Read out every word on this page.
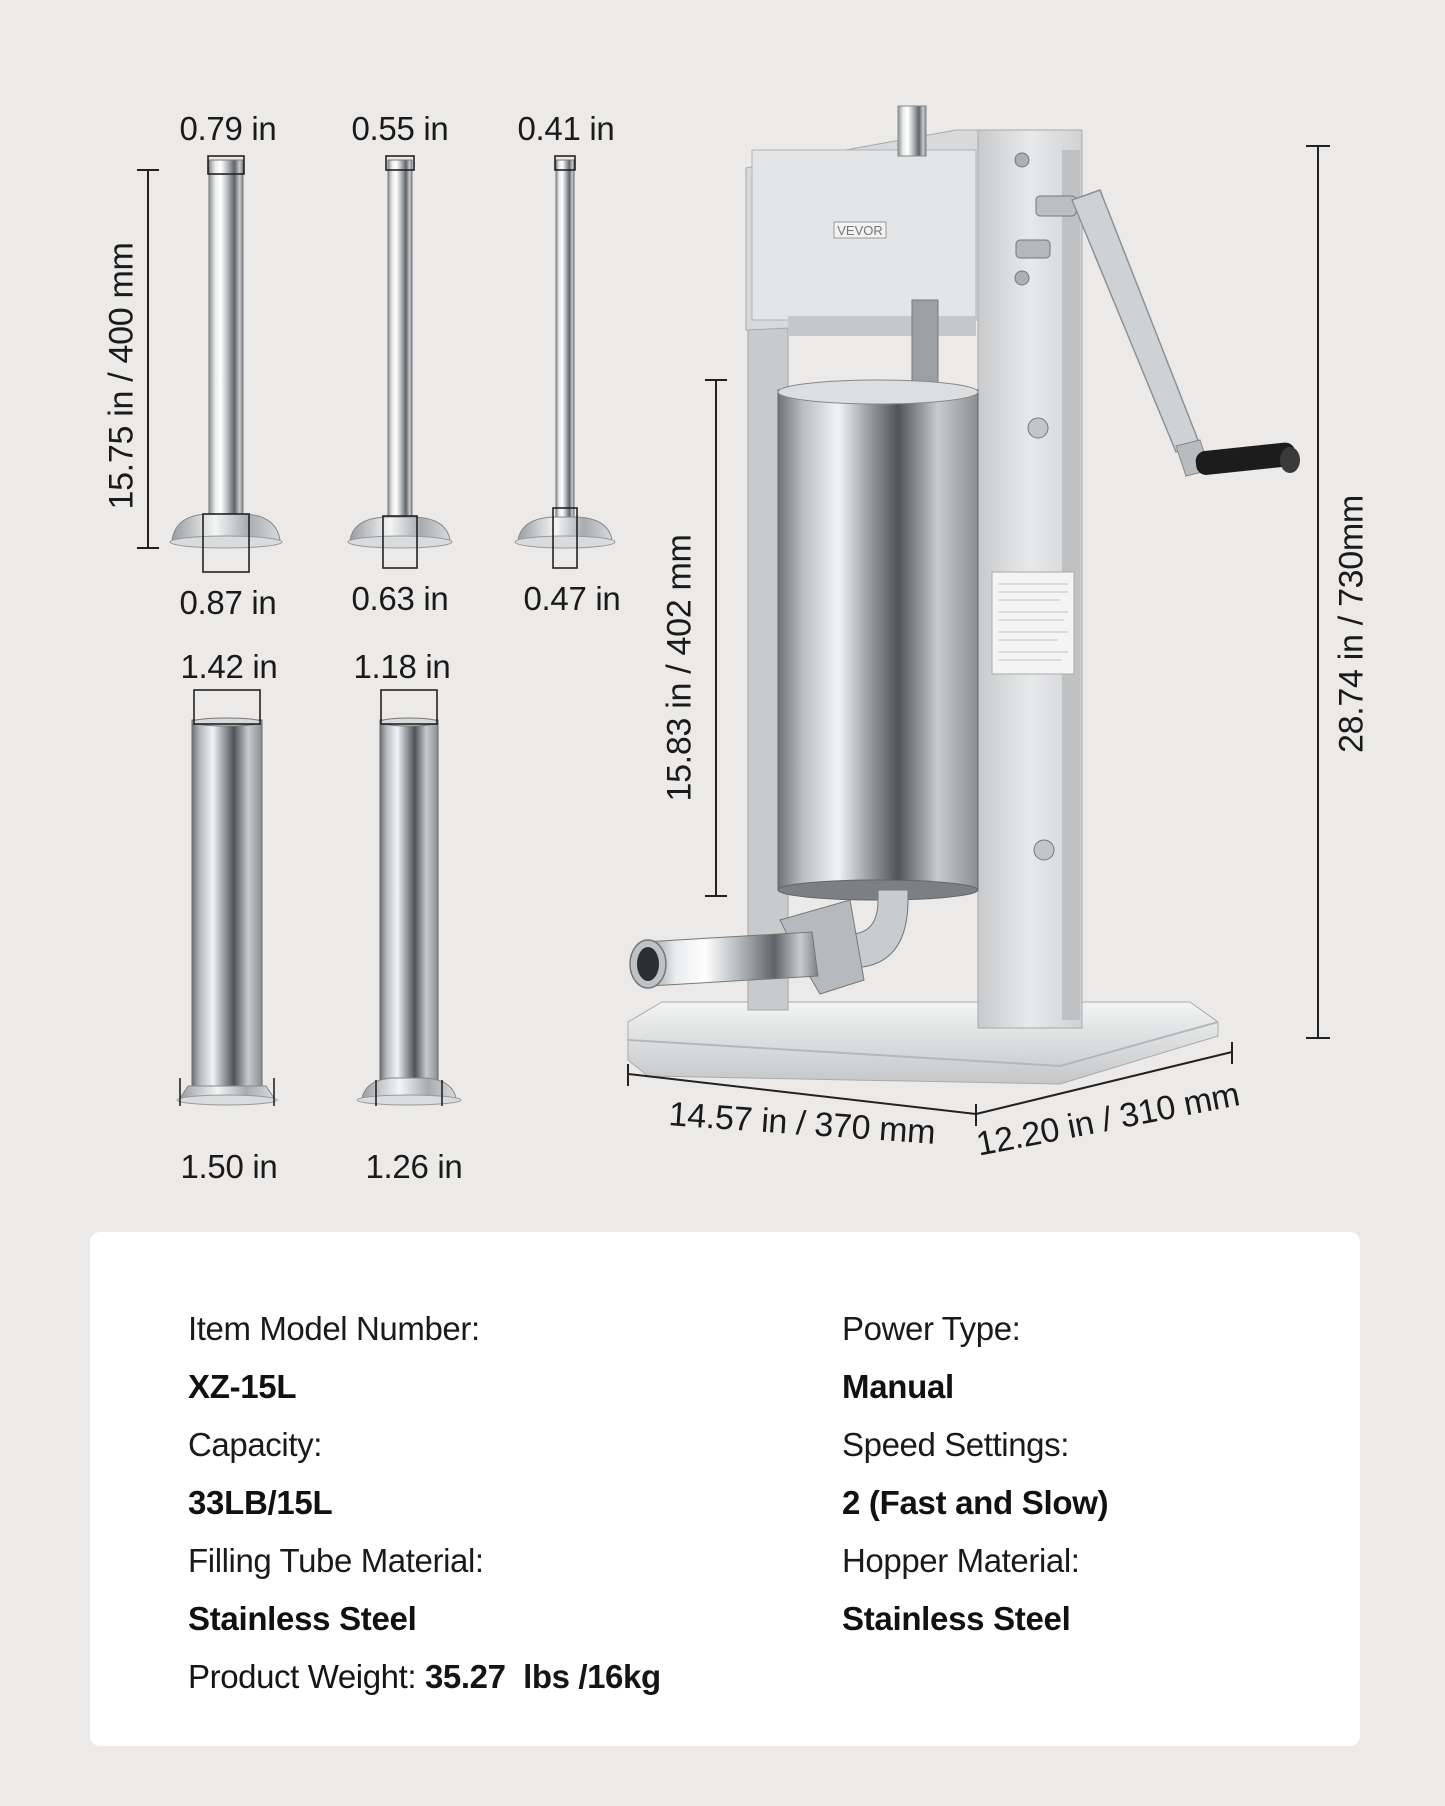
VEVOR
0.79 in 0.55 in 0.41 in
0.87 in 0.63 in 0.47 in
15.75 in / 400 mm
1.42 in 1.18 in
1.50 in	1.26 in
15.83 in / 402 mm	28.74 in / 730mm
14.57 in / 370 mm 12.20 in / 310 mm
Item Model Number:
XZ-15L
Capacity:
33LB/15L
Filling Tube Material:
Stainless Steel
Product Weight: 35.27  lbs /16kg
Power Type:
Manual
Speed Settings:
2 (Fast and Slow)
Hopper Material:
Stainless Steel
